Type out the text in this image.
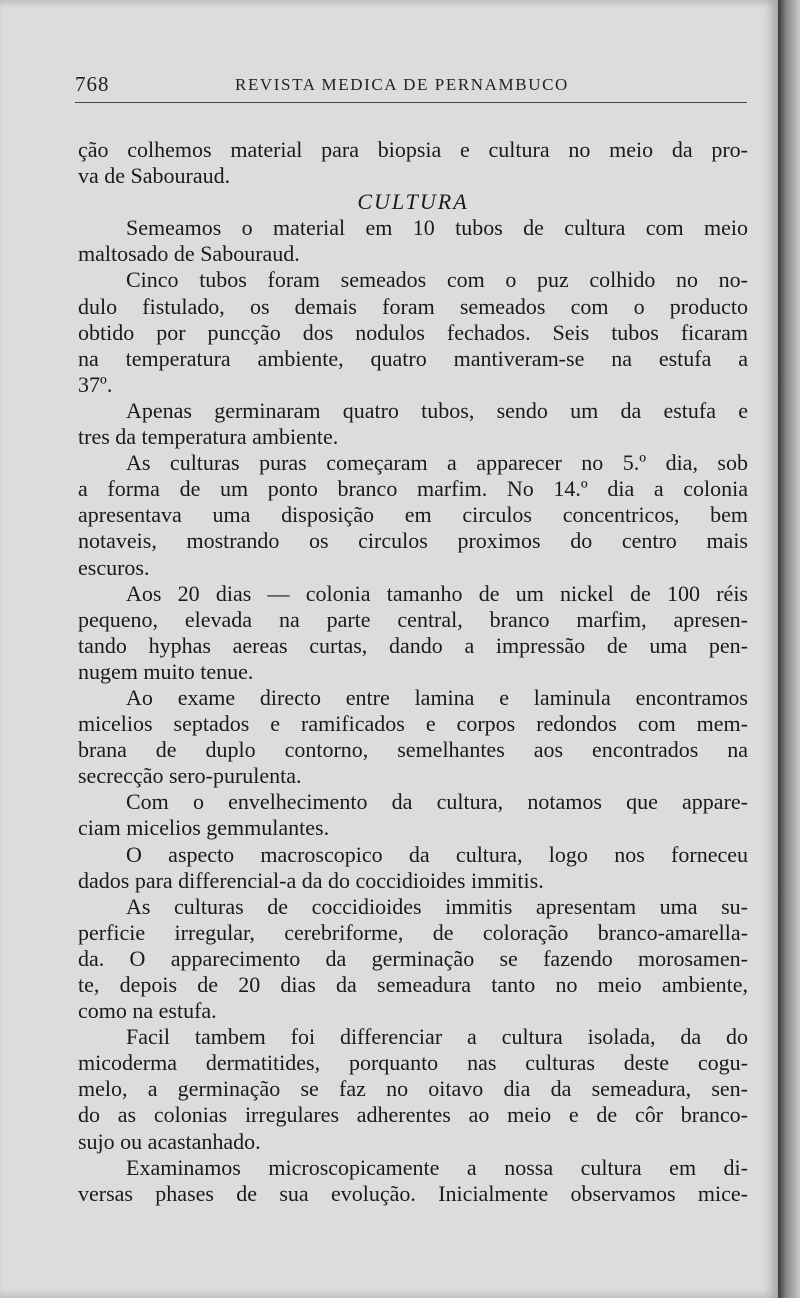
768	REVISTA MEDICA DE PERNAMBUCO
ção colhemos material para biopsia e cultura no meio da pro-
va de Sabouraud.
CULTURA
Semeamos o material em 10 tubos de cultura com meio
maltosado de Sabouraud.
Cinco tubos foram semeados com o puz colhido no no-
dulo fistulado, os demais foram semeados com o producto
obtido por puncção dos nodulos fechados. Seis tubos ficaram
na temperatura ambiente, quatro mantiveram-se na estufa a
37º.
Apenas germinaram quatro tubos, sendo um da estufa e
tres da temperatura ambiente.
As culturas puras começaram a apparecer no 5.º dia, sob
a forma de um ponto branco marfim. No 14.º dia a colonia
apresentava uma disposição em circulos concentricos, bem
notaveis, mostrando os circulos proximos do centro mais
escuros.
Aos 20 dias — colonia tamanho de um nickel de 100 réis
pequeno, elevada na parte central, branco marfim, apresen-
tando hyphas aereas curtas, dando a impressão de uma pen-
nugem muito tenue.
Ao exame directo entre lamina e laminula encontramos
micelios septados e ramificados e corpos redondos com mem-
brana de duplo contorno, semelhantes aos encontrados na
secrecção sero-purulenta.
Com o envelhecimento da cultura, notamos que appare-
ciam micelios gemmulantes.
O aspecto macroscopico da cultura, logo nos forneceu
dados para differencial-a da do coccidioides immitis.
As culturas de coccidioides immitis apresentam uma su-
perficie irregular, cerebriforme, de coloração branco-amarella-
da. O apparecimento da germinação se fazendo morosamen-
te, depois de 20 dias da semeadura tanto no meio ambiente,
como na estufa.
Facil tambem foi differenciar a cultura isolada, da do
micoderma dermatitides, porquanto nas culturas deste cogu-
melo, a germinação se faz no oitavo dia da semeadura, sen-
do as colonias irregulares adherentes ao meio e de côr branco-
sujo ou acastanhado.
Examinamos microscopicamente a nossa cultura em di-
versas phases de sua evolução. Inicialmente observamos mice-
